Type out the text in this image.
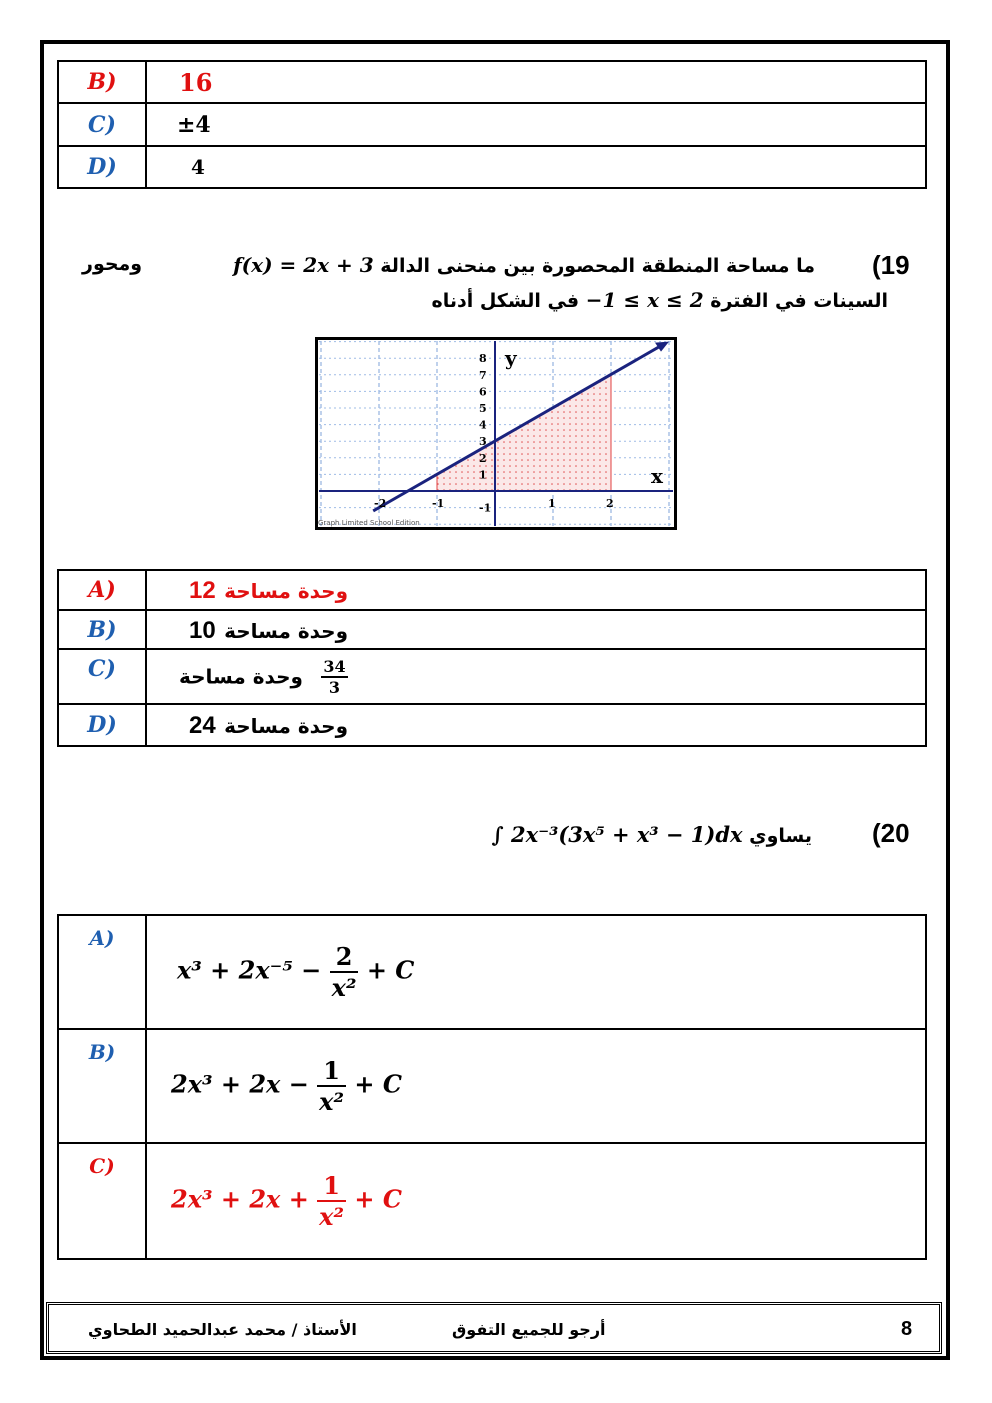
B)	16
C)	±4
D)	4
(19
ما مساحة المنطقة المحصورة بين منحنى الدالة f(x) = 2x + 3
ومحور
السينات في الفترة −1 ≤ x ≤ 2 في الشكل أدناه
8
7
6
5
4
3
2
1
-1
-2	-1	1	2
y
x
Graph Limited School Edition
A)	وحدة مساحة 12
B)	وحدة مساحة 10
C)	وحدة مساحة $\frac{34}{3}$

D)	وحدة مساحة 24
(20
يساوي ∫ 2x⁻³(3x⁵ + x³ − 1)dx
A)	$x^3 + 2x^{-5} - \frac{2}{\text{x²}} + C$
B)	$2x^3 + 2x - \frac{1}{\text{x²}} + C$
C)	$2x^3 + 2x + \frac{1}{\text{x²}} + C$
8
أرجو للجميع التفوق
الأستاذ / محمد عبدالحميد الطحاوي
